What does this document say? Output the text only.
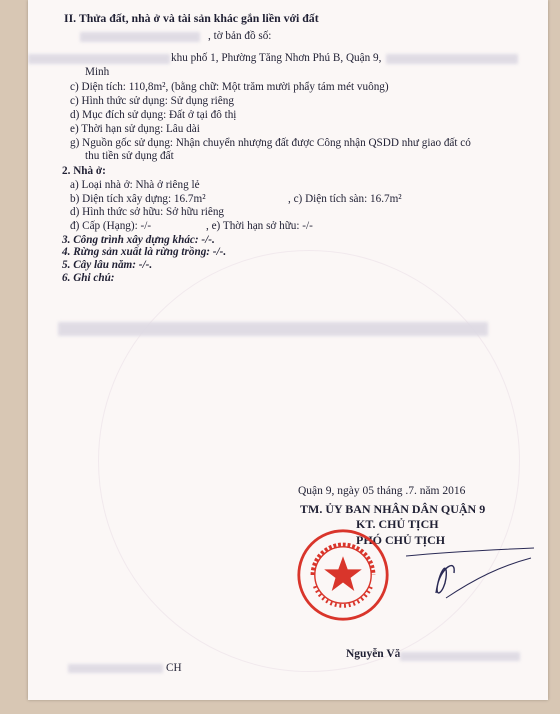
II. Thửa đất, nhà ở và tài sản khác gắn liền với đất
, tờ bản đồ số:
khu phố 1, Phường Tăng Nhơn Phú B, Quận 9,
Minh
c) Diện tích: 110,8m², (bằng chữ: Một trăm mười phẩy tám mét vuông)
c) Hình thức sử dụng: Sử dụng riêng
d) Mục đích sử dụng: Đất ở tại đô thị
e) Thời hạn sử dụng: Lâu dài
g) Nguồn gốc sử dụng: Nhận chuyển nhượng đất được Công nhận QSDD như giao đất có
thu tiền sử dụng đất
2. Nhà ở:
a) Loại nhà ở: Nhà ở riêng lẻ
b) Diện tích xây dựng: 16.7m²	, c) Diện tích sàn: 16.7m²
d) Hình thức sở hữu: Sở hữu riêng
đ) Cấp (Hạng): -/-	, e) Thời hạn sở hữu: -/-
3. Công trình xây dựng khác: -/-.
4. Rừng sản xuất là rừng trồng: -/-.
5. Cây lâu năm: -/-.
6. Ghi chú:
Quận 9, ngày 05 tháng .7. năm 2016
TM. ỦY BAN NHÂN DÂN QUẬN 9
KT. CHỦ TỊCH
PHÓ CHỦ TỊCH
Nguyễn Vă
CH
